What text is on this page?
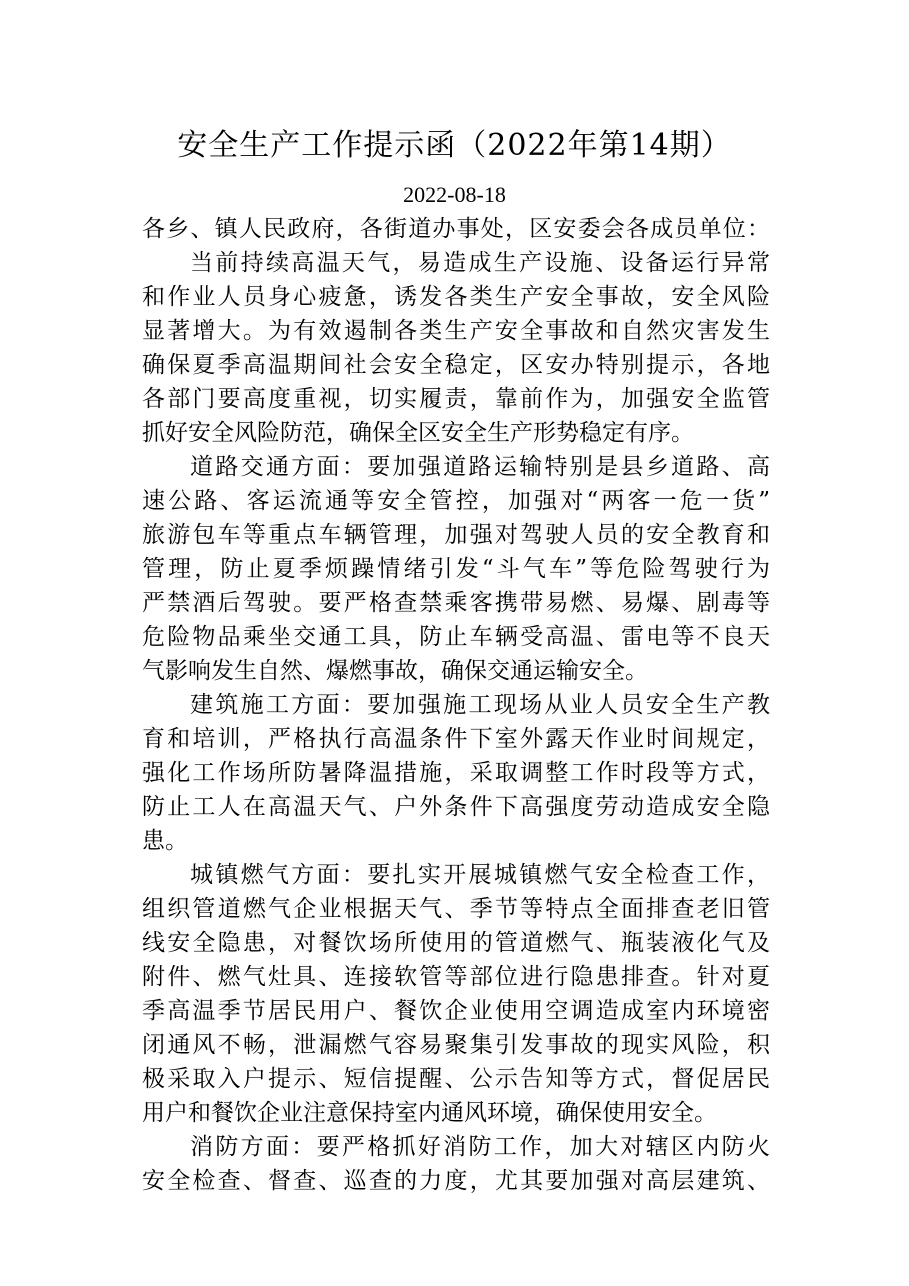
安全生产工作提示函（2022年第14期）
2022-08-18
各乡、镇人民政府，各街道办事处，区安委会各成员单位：
当前持续高温天气，易造成生产设施、设备运行异常
和作业人员身心疲惫，诱发各类生产安全事故，安全风险
显著增大。为有效遏制各类生产安全事故和自然灾害发生
确保夏季高温期间社会安全稳定，区安办特别提示，各地
各部门要高度重视，切实履责，靠前作为，加强安全监管
抓好安全风险防范，确保全区安全生产形势稳定有序。
道路交通方面：要加强道路运输特别是县乡道路、高
速公路、客运流通等安全管控，加强对“两客一危一货”
旅游包车等重点车辆管理，加强对驾驶人员的安全教育和
管理，防止夏季烦躁情绪引发“斗气车”等危险驾驶行为
严禁酒后驾驶。要严格查禁乘客携带易燃、易爆、剧毒等
危险物品乘坐交通工具，防止车辆受高温、雷电等不良天
气影响发生自然、爆燃事故，确保交通运输安全。
建筑施工方面：要加强施工现场从业人员安全生产教
育和培训，严格执行高温条件下室外露天作业时间规定，
强化工作场所防暑降温措施，采取调整工作时段等方式，
防止工人在高温天气、户外条件下高强度劳动造成安全隐
患。
城镇燃气方面：要扎实开展城镇燃气安全检查工作，
组织管道燃气企业根据天气、季节等特点全面排查老旧管
线安全隐患，对餐饮场所使用的管道燃气、瓶装液化气及
附件、燃气灶具、连接软管等部位进行隐患排查。针对夏
季高温季节居民用户、餐饮企业使用空调造成室内环境密
闭通风不畅，泄漏燃气容易聚集引发事故的现实风险，积
极采取入户提示、短信提醒、公示告知等方式，督促居民
用户和餐饮企业注意保持室内通风环境，确保使用安全。
消防方面：要严格抓好消防工作，加大对辖区内防火
安全检查、督查、巡查的力度，尤其要加强对高层建筑、
